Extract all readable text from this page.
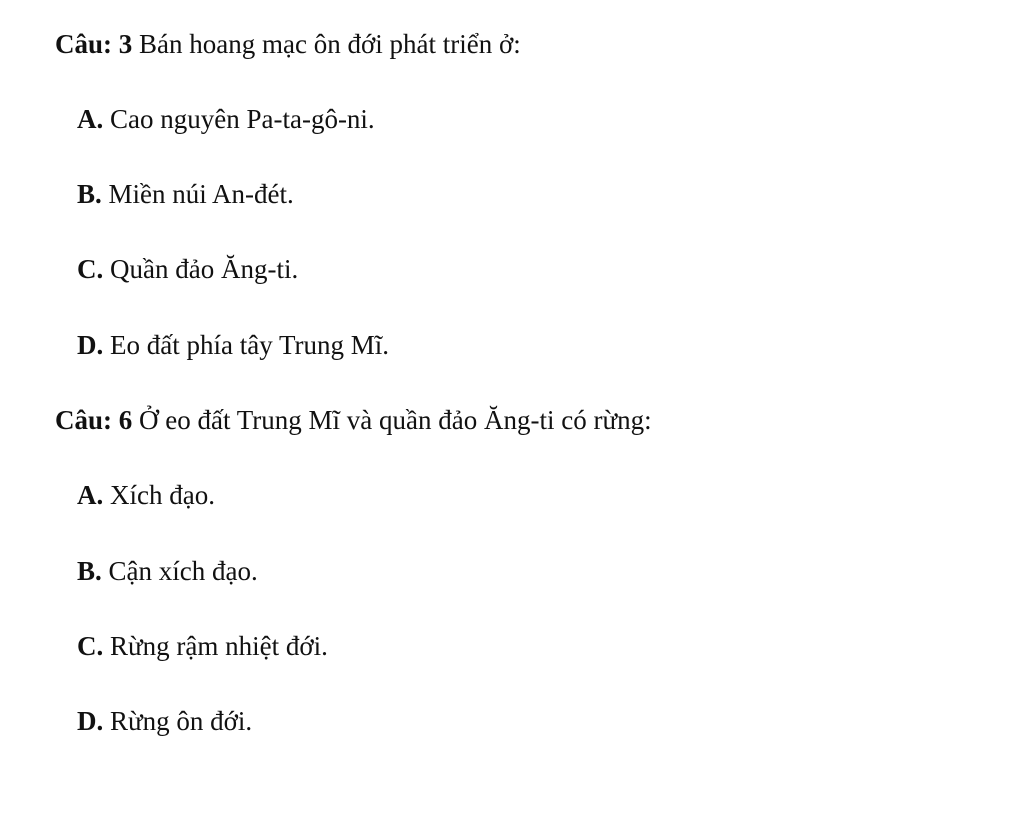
Câu: 3 Bán hoang mạc ôn đới phát triển ở:
A. Cao nguyên Pa-ta-gô-ni.
B. Miền núi An-đét.
C. Quần đảo Ăng-ti.
D. Eo đất phía tây Trung Mĩ.
Câu: 6 Ở eo đất Trung Mĩ và quần đảo Ăng-ti có rừng:
A. Xích đạo.
B. Cận xích đạo.
C. Rừng rậm nhiệt đới.
D. Rừng ôn đới.
